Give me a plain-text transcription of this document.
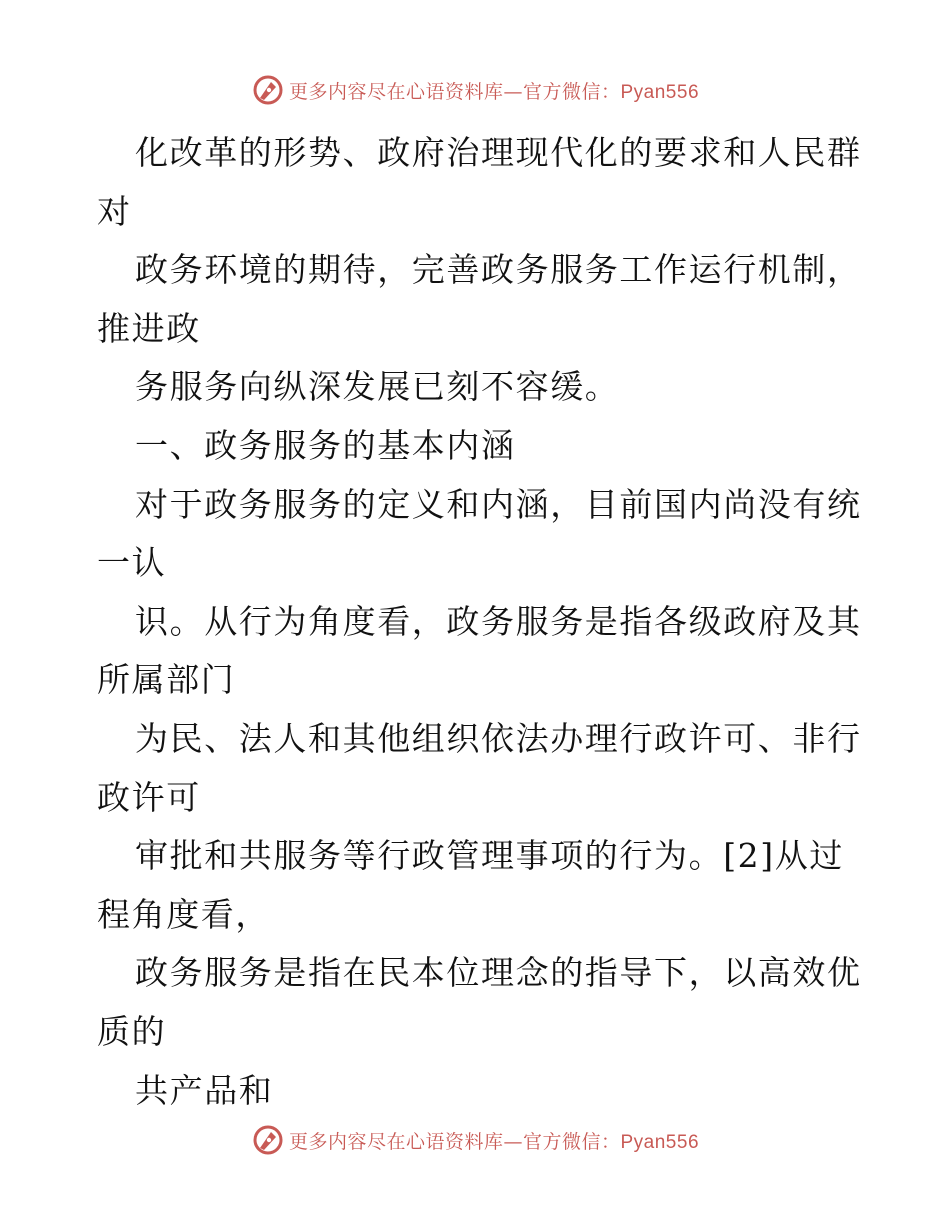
更多内容尽在心语资料库—官方微信：Pyan556
化改革的形势、政府治理现代化的要求和人民群
对
政务环境的期待，完善政务服务工作运行机制，
推进政
务服务向纵深发展已刻不容缓。
一、政务服务的基本内涵
对于政务服务的定义和内涵，目前国内尚没有统
一认
识。从行为角度看，政务服务是指各级政府及其
所属部门
为民、法人和其他组织依法办理行政许可、非行
政许可
审批和共服务等行政管理事项的行为。[2]从过
程角度看，
政务服务是指在民本位理念的指导下，以高效优
质的
共产品和
更多内容尽在心语资料库—官方微信：Pyan556
